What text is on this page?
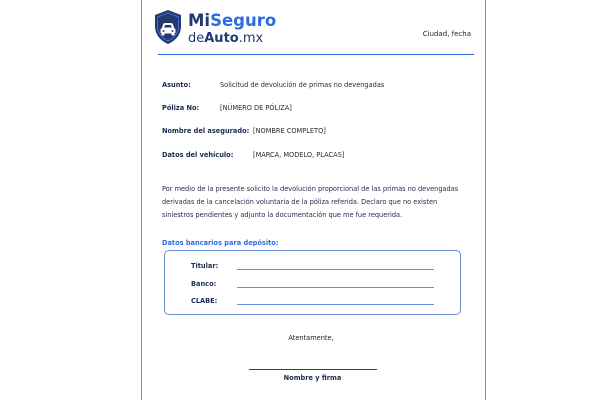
MiSeguro
deAuto.mx	Ciudad, fecha
Asunto:	Solicitud de devolución de primas no devengadas
Póliza No:	[NÚMERO DE PÓLIZA]
Nombre del asegurado: [NOMBRE COMPLETO]
Datos del vehículo:	[MARCA, MODELO, PLACAS]
Por medio de la presente solicito la devolución proporcional de las primas no devengadas
derivadas de la cancelación voluntaria de la póliza referida. Declaro que no existen
siniestros pendientes y adjunto la documentación que me fue requerida.
Datos bancarios para depósito:
Titular:
Banco:
CLABE:
Atentamente,
Nombre y firma
